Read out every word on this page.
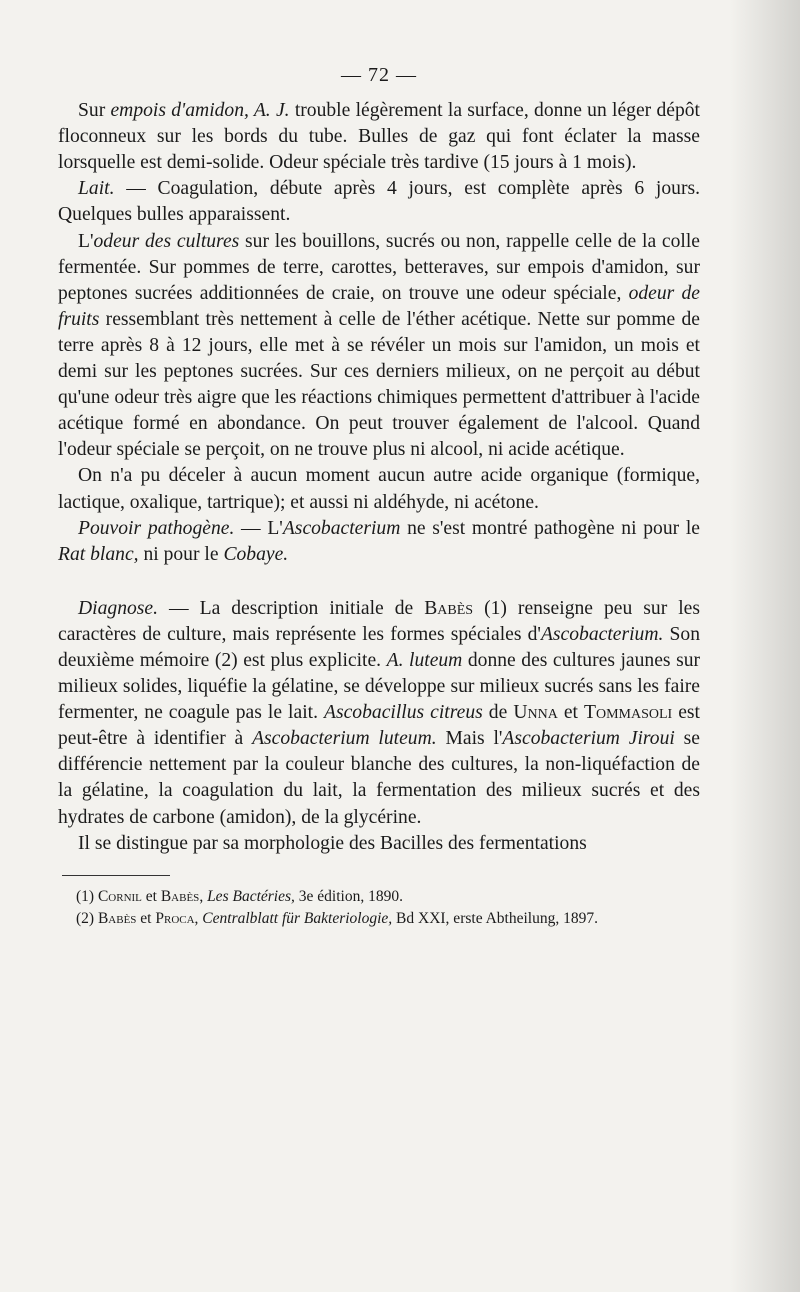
— 72 —

Sur empois d'amidon, A. J. trouble légèrement la surface, donne un léger dépôt floconneux sur les bords du tube. Bulles de gaz qui font éclater la masse lorsquelle est demi-solide. Odeur spéciale très tardive (15 jours à 1 mois).

Lait. — Coagulation, débute après 4 jours, est complète après 6 jours. Quelques bulles apparaissent.

L'odeur des cultures sur les bouillons, sucrés ou non, rappelle celle de la colle fermentée. Sur pommes de terre, carottes, betteraves, sur empois d'amidon, sur peptones sucrées additionnées de craie, on trouve une odeur spéciale, odeur de fruits ressemblant très nettement à celle de l'éther acétique. Nette sur pomme de terre après 8 à 12 jours, elle met à se révéler un mois sur l'amidon, un mois et demi sur les peptones sucrées. Sur ces derniers milieux, on ne perçoit au début qu'une odeur très aigre que les réactions chimiques permettent d'attribuer à l'acide acétique formé en abondance. On peut trouver également de l'alcool. Quand l'odeur spéciale se perçoit, on ne trouve plus ni alcool, ni acide acétique.

On n'a pu déceler à aucun moment aucun autre acide organique (formique, lactique, oxalique, tartrique); et aussi ni aldéhyde, ni acétone.

Pouvoir pathogène. — L'Ascobacterium ne s'est montré pathogène ni pour le Rat blanc, ni pour le Cobaye.

Diagnose. — La description initiale de Babès (1) renseigne peu sur les caractères de culture, mais représente les formes spéciales d'Ascobacterium. Son deuxième mémoire (2) est plus explicite. A. luteum donne des cultures jaunes sur milieux solides, liquéfie la gélatine, se développe sur milieux sucrés sans les faire fermenter, ne coagule pas le lait. Ascobacillus citreus de Unna et Tommasoli est peut-être à identifier à Ascobacterium luteum. Mais l'Ascobacterium Jiroui se différencie nettement par la couleur blanche des cultures, la non-liquéfaction de la gélatine, la coagulation du lait, la fermentation des milieux sucrés et des hydrates de carbone (amidon), de la glycérine.

Il se distingue par sa morphologie des Bacilles des fermentations

(1) Cornil et Babès, Les Bactéries, 3e édition, 1890.

(2) Babès et Proca, Centralblatt für Bakteriologie, Bd XXI, erste Abtheilung, 1897.
